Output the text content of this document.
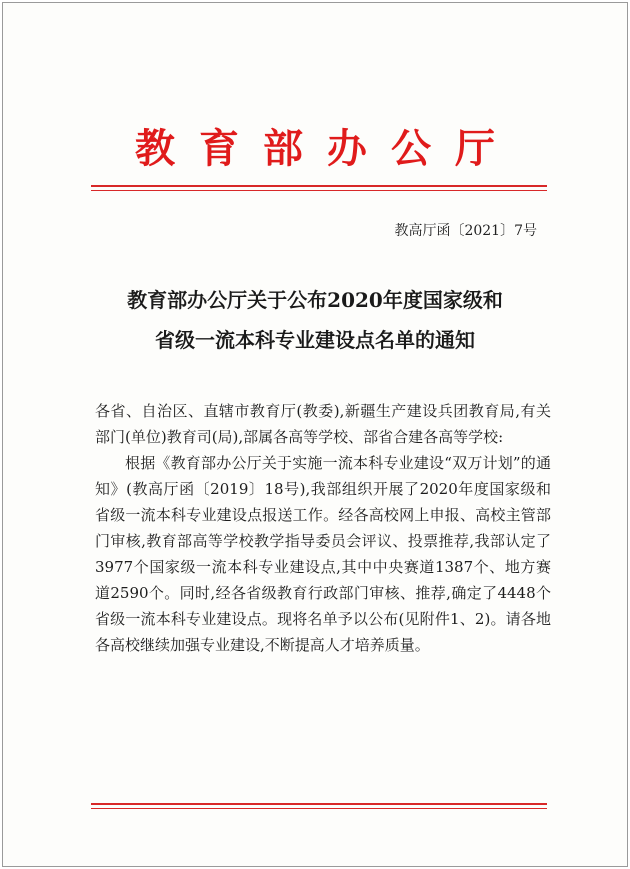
教育部办公厅
教高厅函〔2021〕7号
教育部办公厅关于公布2020年度国家级和
省级一流本科专业建设点名单的通知

各省、自治区、直辖市教育厅(教委),新疆生产建设兵团教育局,有关部门(单位)教育司(局),部属各高等学校、部省合建各高等学校:

根据《教育部办公厅关于实施一流本科专业建设“双万计划”的通知》(教高厅函〔2019〕18号),我部组织开展了2020年度国家级和省级一流本科专业建设点报送工作。经各高校网上申报、高校主管部门审核,教育部高等学校教学指导委员会评议、投票推荐,我部认定了3977个国家级一流本科专业建设点,其中中央赛道1387个、地方赛道2590个。同时,经各省级教育行政部门审核、推荐,确定了4448个省级一流本科专业建设点。现将名单予以公布(见附件1、2)。请各地各高校继续加强专业建设,不断提高人才培养质量。
